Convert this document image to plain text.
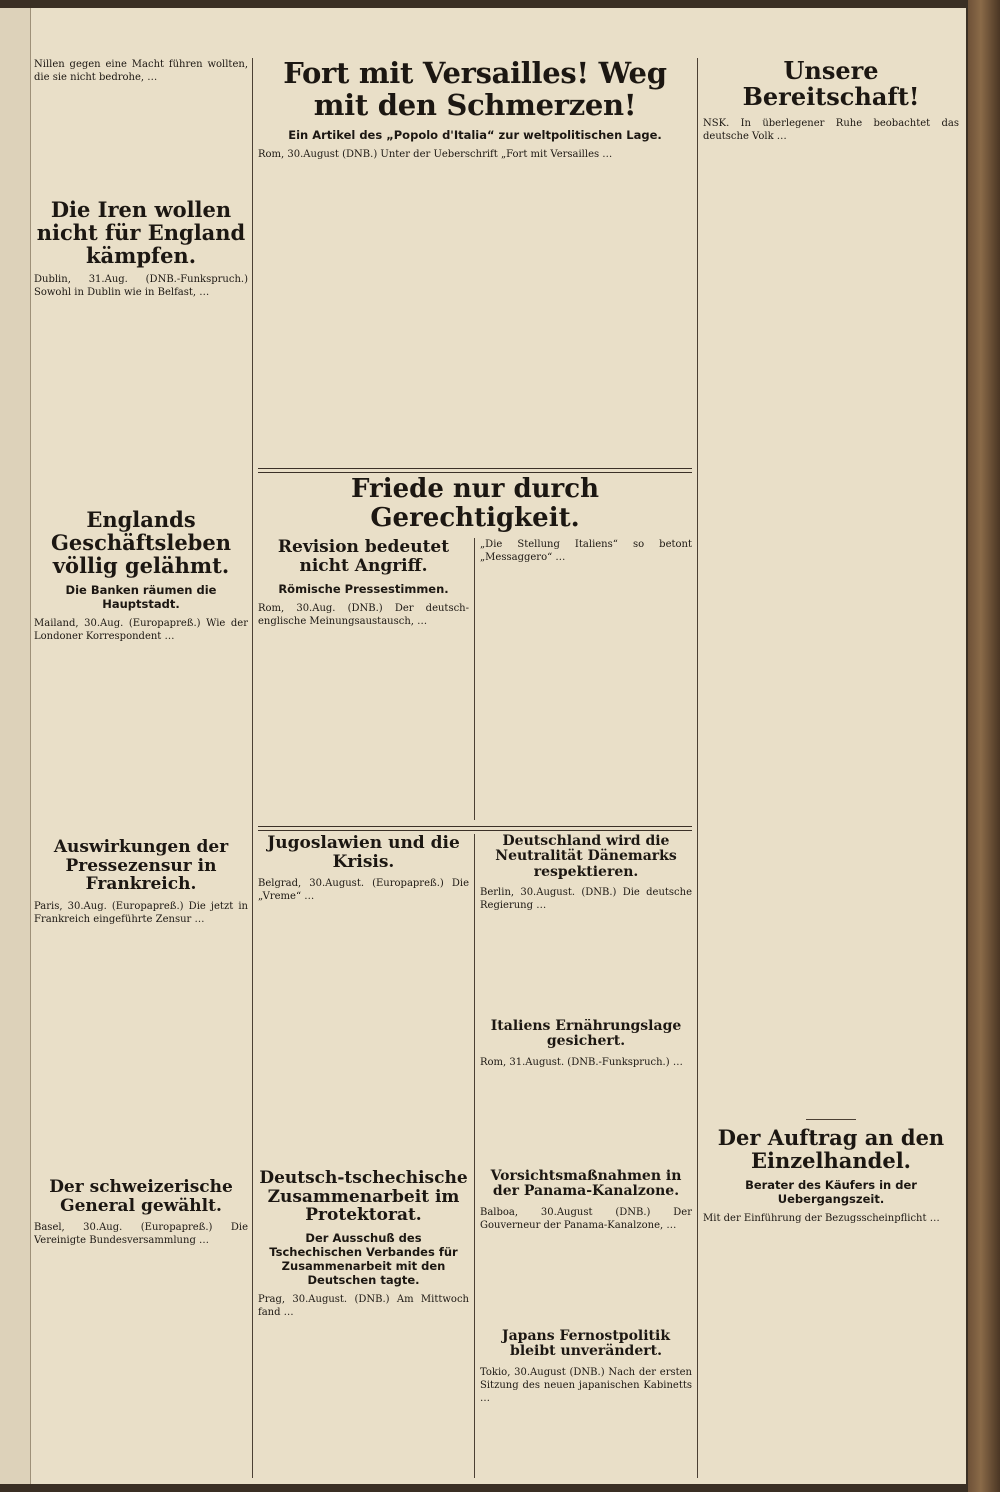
Nillen gegen eine Macht führen wollten, die sie nicht bedrohe, …

Die Iren wollen nicht für England kämpfen.

Dublin, 31.Aug. (DNB.-Funkspruch.) Sowohl in Dublin wie in Belfast, …

Englands Geschäftsleben völlig gelähmt.
Die Banken räumen die Hauptstadt.

Mailand, 30.Aug. (Europapreß.) Wie der Londoner Korrespondent …

Auswirkungen der Pressezensur in Frankreich.

Paris, 30.Aug. (Europapreß.) Die jetzt in Frankreich eingeführte Zensur …

Der schweizerische General gewählt.

Basel, 30.Aug. (Europapreß.) Die Vereinigte Bundesversammlung …

Fort mit Versailles! Weg mit den Schmerzen!
Ein Artikel des „Popolo d'Italia“ zur weltpolitischen Lage.

Rom, 30.August (DNB.) Unter der Ueberschrift „Fort mit Versailles …

Friede nur durch Gerechtigkeit.
Revision bedeutet nicht Angriff.
Römische Pressestimmen.

Rom, 30.Aug. (DNB.) Der deutsch-englische Meinungsaustausch, …

„Die Stellung Italiens“ so betont „Messaggero“ …

Jugoslawien und die Krisis.

Belgrad, 30.August. (Europapreß.) Die „Vreme“ …

Deutsch-tschechische Zusammenarbeit im Protektorat.
Der Ausschuß des Tschechischen Verbandes für Zusammenarbeit mit den Deutschen tagte.

Prag, 30.August. (DNB.) Am Mittwoch fand …

Deutschland wird die Neutralität Dänemarks respektieren.

Berlin, 30.August. (DNB.) Die deutsche Regierung …

Italiens Ernährungslage gesichert.

Rom, 31.August. (DNB.-Funkspruch.) …

Vorsichtsmaßnahmen in der Panama-Kanalzone.

Balboa, 30.August (DNB.) Der Gouverneur der Panama-Kanalzone, …

Japans Fernostpolitik bleibt unverändert.

Tokio, 30.August (DNB.) Nach der ersten Sitzung des neuen japanischen Kabinetts …

Unsere Bereitschaft!

NSK. In überlegener Ruhe beobachtet das deutsche Volk …

Der Auftrag an den Einzelhandel.
Berater des Käufers in der Uebergangszeit.

Mit der Einführung der Bezugsscheinpflicht …
